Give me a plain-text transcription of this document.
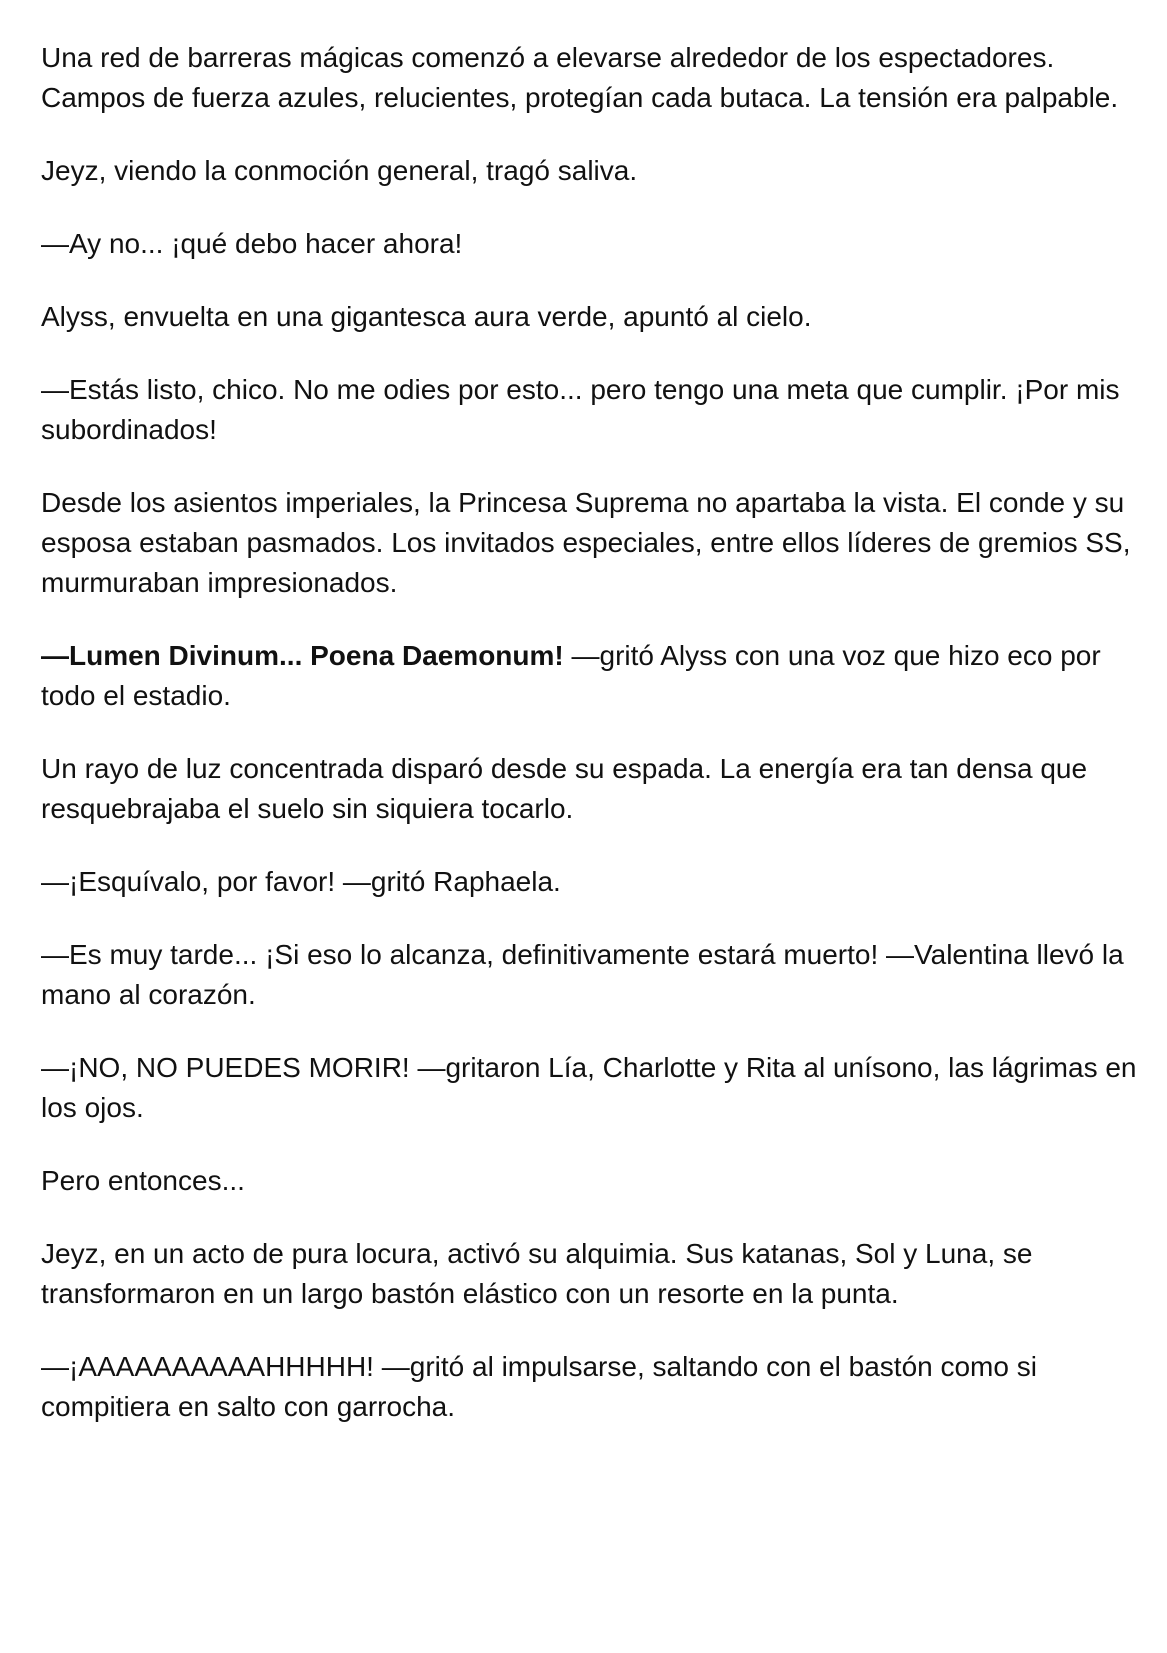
Una red de barreras mágicas comenzó a elevarse alrededor de los espectadores. Campos de fuerza azules, relucientes, protegían cada butaca. La tensión era palpable.

Jeyz, viendo la conmoción general, tragó saliva.

—Ay no... ¡qué debo hacer ahora!

Alyss, envuelta en una gigantesca aura verde, apuntó al cielo.

—Estás listo, chico. No me odies por esto... pero tengo una meta que cumplir. ¡Por mis subordinados!

Desde los asientos imperiales, la Princesa Suprema no apartaba la vista. El conde y su esposa estaban pasmados. Los invitados especiales, entre ellos líderes de gremios SS, murmuraban impresionados.

—Lumen Divinum... Poena Daemonum! —gritó Alyss con una voz que hizo eco por todo el estadio.

Un rayo de luz concentrada disparó desde su espada. La energía era tan densa que resquebrajaba el suelo sin siquiera tocarlo.

—¡Esquívalo, por favor! —gritó Raphaela.

—Es muy tarde... ¡Si eso lo alcanza, definitivamente estará muerto! —Valentina llevó la mano al corazón.

—¡NO, NO PUEDES MORIR! —gritaron Lía, Charlotte y Rita al unísono, las lágrimas en los ojos.

Pero entonces...

Jeyz, en un acto de pura locura, activó su alquimia. Sus katanas, Sol y Luna, se transformaron en un largo bastón elástico con un resorte en la punta.

—¡AAAAAAAAAAHHHHH! —gritó al impulsarse, saltando con el bastón como si compitiera en salto con garrocha.
